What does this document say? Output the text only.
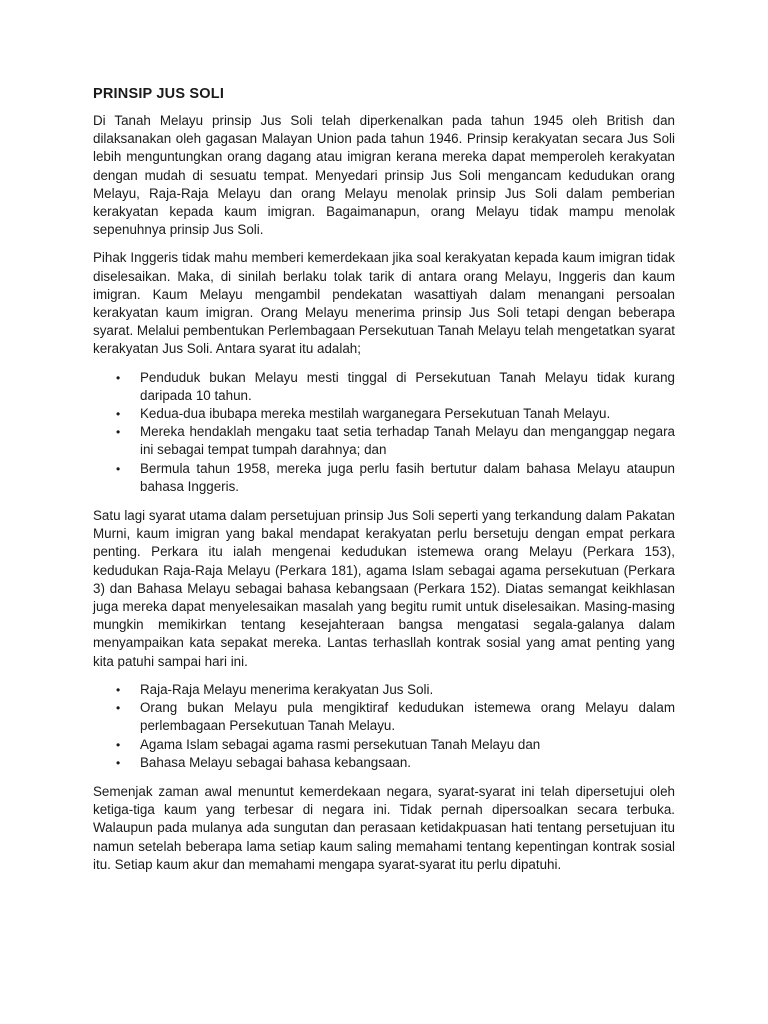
PRINSIP JUS SOLI

Di Tanah Melayu prinsip Jus Soli telah diperkenalkan pada tahun 1945 oleh British dan dilaksanakan oleh gagasan Malayan Union pada tahun 1946. Prinsip kerakyatan secara Jus Soli lebih menguntungkan orang dagang atau imigran kerana mereka dapat memperoleh kerakyatan dengan mudah di sesuatu tempat. Menyedari prinsip Jus Soli mengancam kedudukan orang Melayu, Raja-Raja Melayu dan orang Melayu menolak prinsip Jus Soli dalam pemberian kerakyatan kepada kaum imigran. Bagaimanapun, orang Melayu tidak mampu menolak sepenuhnya prinsip Jus Soli.

Pihak Inggeris tidak mahu memberi kemerdekaan jika soal kerakyatan kepada kaum imigran tidak diselesaikan. Maka, di sinilah berlaku tolak tarik di antara orang Melayu, Inggeris dan kaum imigran. Kaum Melayu mengambil pendekatan wasattiyah dalam menangani persoalan kerakyatan kaum imigran. Orang Melayu menerima prinsip Jus Soli tetapi dengan beberapa syarat. Melalui pembentukan Perlembagaan Persekutuan Tanah Melayu telah mengetatkan syarat kerakyatan Jus Soli. Antara syarat itu adalah;

• Penduduk bukan Melayu mesti tinggal di Persekutuan Tanah Melayu tidak kurang daripada 10 tahun.
• Kedua-dua ibubapa mereka mestilah warganegara Persekutuan Tanah Melayu.
• Mereka hendaklah mengaku taat setia terhadap Tanah Melayu dan menganggap negara ini sebagai tempat tumpah darahnya; dan
• Bermula tahun 1958, mereka juga perlu fasih bertutur dalam bahasa Melayu ataupun bahasa Inggeris.

Satu lagi syarat utama dalam persetujuan prinsip Jus Soli seperti yang terkandung dalam Pakatan Murni, kaum imigran yang bakal mendapat kerakyatan perlu bersetuju dengan empat perkara penting. Perkara itu ialah mengenai kedudukan istemewa orang Melayu (Perkara 153), kedudukan Raja-Raja Melayu (Perkara 181), agama Islam sebagai agama persekutuan (Perkara 3) dan Bahasa Melayu sebagai bahasa kebangsaan (Perkara 152). Diatas semangat keikhlasan juga mereka dapat menyelesaikan masalah yang begitu rumit untuk diselesaikan. Masing-masing mungkin memikirkan tentang kesejahteraan bangsa mengatasi segala-galanya dalam menyampaikan kata sepakat mereka. Lantas terhasllah kontrak sosial yang amat penting yang kita patuhi sampai hari ini.

• Raja-Raja Melayu menerima kerakyatan Jus Soli.
• Orang bukan Melayu pula mengiktiraf kedudukan istemewa orang Melayu dalam perlembagaan Persekutuan Tanah Melayu.
• Agama Islam sebagai agama rasmi persekutuan Tanah Melayu dan
• Bahasa Melayu sebagai bahasa kebangsaan.

Semenjak zaman awal menuntut kemerdekaan negara, syarat-syarat ini telah dipersetujui oleh ketiga-tiga kaum yang terbesar di negara ini. Tidak pernah dipersoalkan secara terbuka. Walaupun pada mulanya ada sungutan dan perasaan ketidakpuasan hati tentang persetujuan itu namun setelah beberapa lama setiap kaum saling memahami tentang kepentingan kontrak sosial itu. Setiap kaum akur dan memahami mengapa syarat-syarat itu perlu dipatuhi.
